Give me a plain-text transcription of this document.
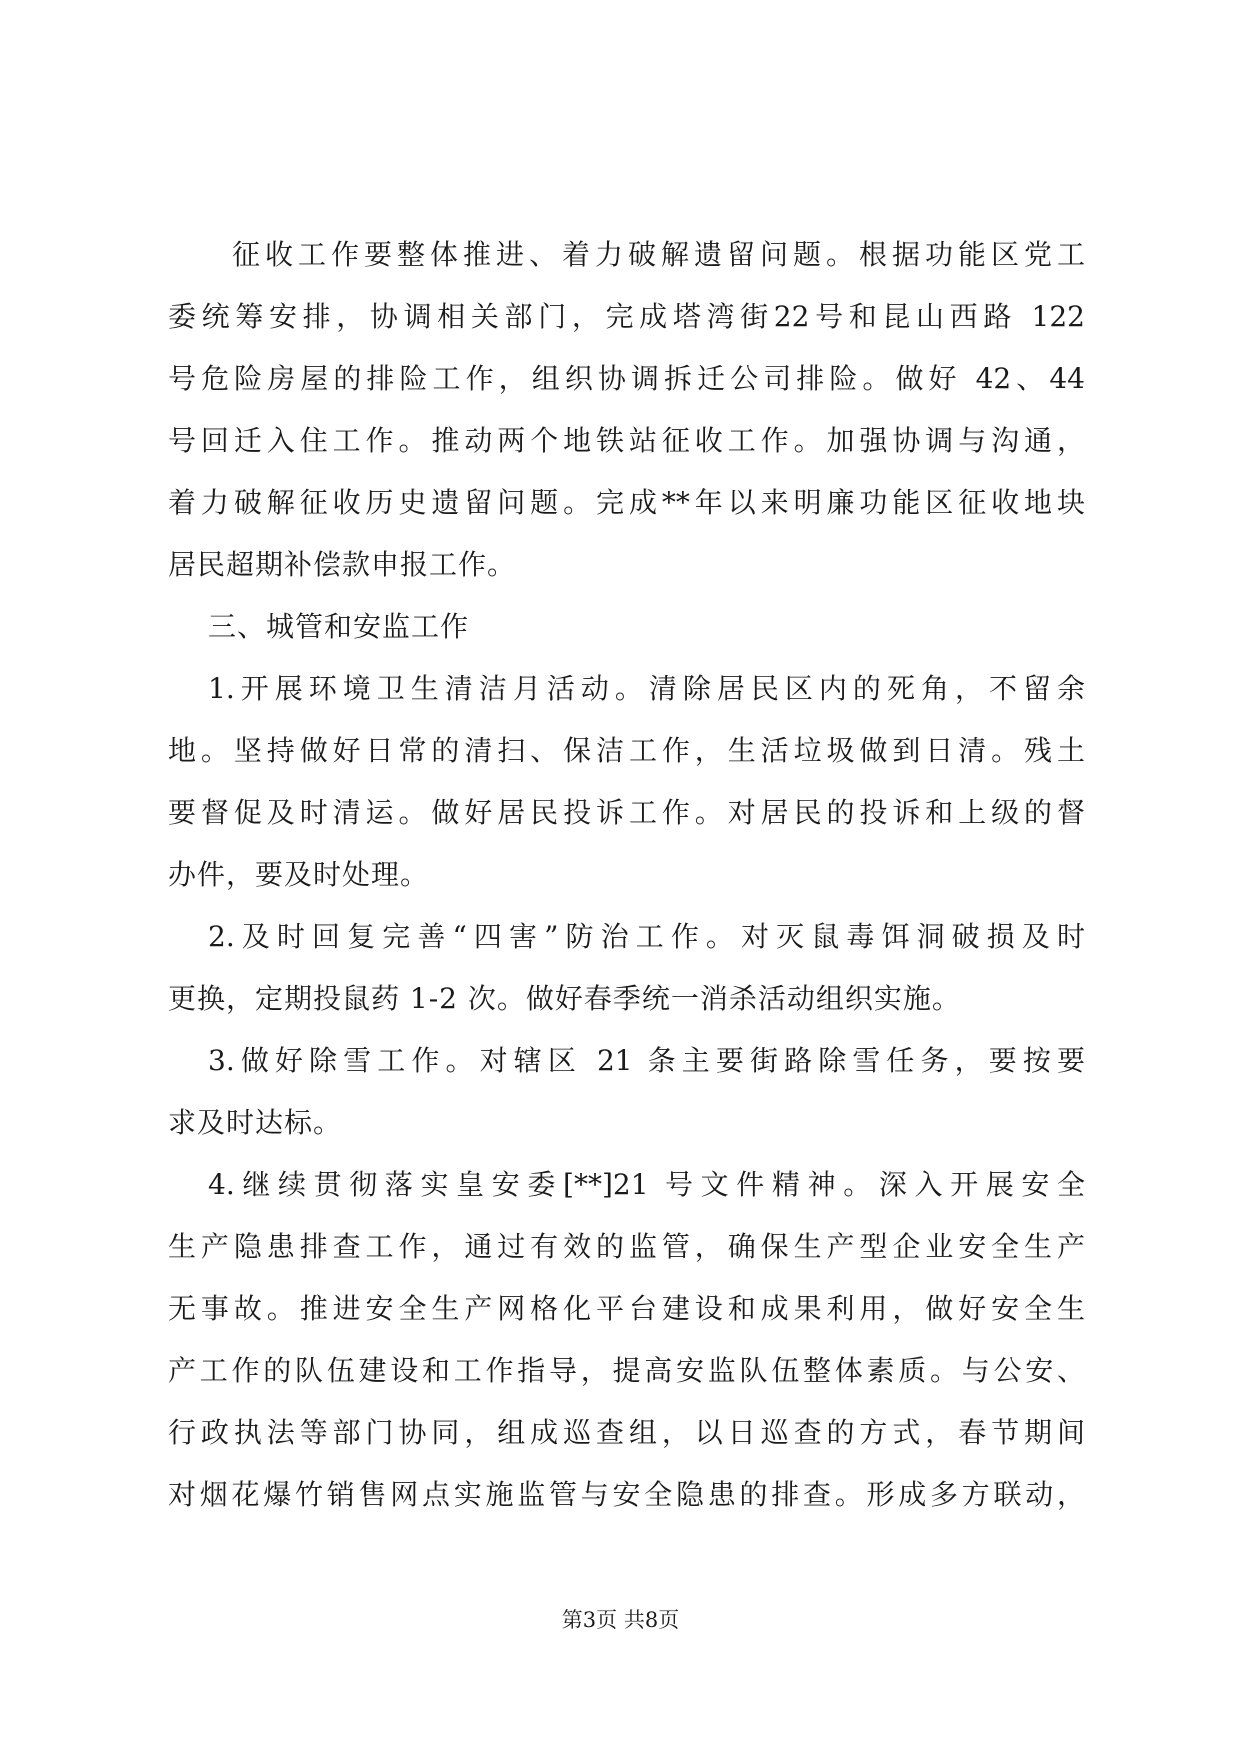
征收工作要整体推进、着力破解遗留问题。根据功能区党工
委统筹安排，协调相关部门，完成塔湾街22号和昆山西路 122
号危险房屋的排险工作，组织协调拆迁公司排险。做好 42、44
号回迁入住工作。推动两个地铁站征收工作。加强协调与沟通，
着力破解征收历史遗留问题。完成**年以来明廉功能区征收地块
居民超期补偿款申报工作。
三、城管和安监工作
1.开展环境卫生清洁月活动。清除居民区内的死角，不留余
地。坚持做好日常的清扫、保洁工作，生活垃圾做到日清。残土
要督促及时清运。做好居民投诉工作。对居民的投诉和上级的督
办件，要及时处理。
2.及时回复完善“四害”防治工作。对灭鼠毒饵洞破损及时
更换，定期投鼠药 1-2 次。做好春季统一消杀活动组织实施。
3.做好除雪工作。对辖区 21 条主要街路除雪任务，要按要
求及时达标。
4.继续贯彻落实皇安委[**]21 号文件精神。深入开展安全
生产隐患排查工作，通过有效的监管，确保生产型企业安全生产
无事故。推进安全生产网格化平台建设和成果利用，做好安全生
产工作的队伍建设和工作指导，提高安监队伍整体素质。与公安、
行政执法等部门协同，组成巡查组，以日巡查的方式，春节期间
对烟花爆竹销售网点实施监管与安全隐患的排查。形成多方联动，
第3页 共8页
